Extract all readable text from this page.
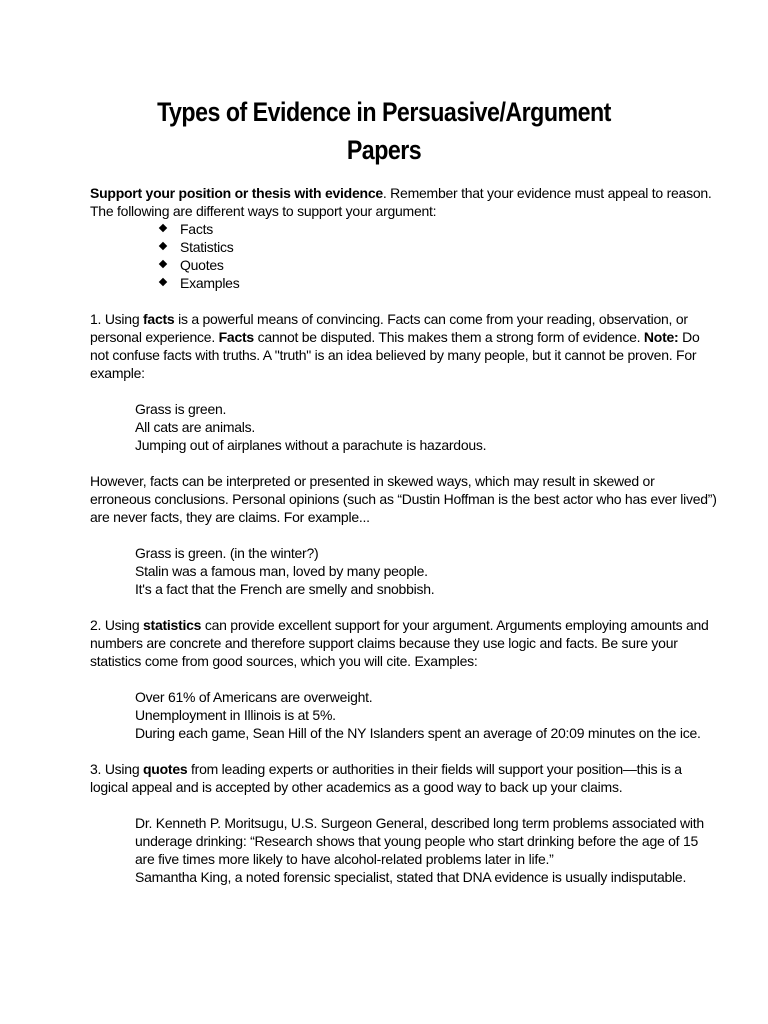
Types of Evidence in Persuasive/Argument
Papers

Support your position or thesis with evidence. Remember that your evidence must appeal to reason.

The following are different ways to support your argument:

Facts
Statistics
Quotes
Examples

1. Using facts is a powerful means of convincing. Facts can come from your reading, observation, or

personal experience. Facts cannot be disputed. This makes them a strong form of evidence. Note: Do

not confuse facts with truths. A "truth" is an idea believed by many people, but it cannot be proven. For

example:

Grass is green.

All cats are animals.

Jumping out of airplanes without a parachute is hazardous.

However, facts can be interpreted or presented in skewed ways, which may result in skewed or

erroneous conclusions. Personal opinions (such as “Dustin Hoffman is the best actor who has ever lived”)

are never facts, they are claims. For example...

Grass is green. (in the winter?)

Stalin was a famous man, loved by many people.

It's a fact that the French are smelly and snobbish.

2. Using statistics can provide excellent support for your argument. Arguments employing amounts and

numbers are concrete and therefore support claims because they use logic and facts. Be sure your

statistics come from good sources, which you will cite. Examples:

Over 61% of Americans are overweight.

Unemployment in Illinois is at 5%.

During each game, Sean Hill of the NY Islanders spent an average of 20:09 minutes on the ice.

3. Using quotes from leading experts or authorities in their fields will support your position—this is a

logical appeal and is accepted by other academics as a good way to back up your claims.

Dr. Kenneth P. Moritsugu, U.S. Surgeon General, described long term problems associated with

underage drinking: “Research shows that young people who start drinking before the age of 15

are five times more likely to have alcohol-related problems later in life.”

Samantha King, a noted forensic specialist, stated that DNA evidence is usually indisputable.
